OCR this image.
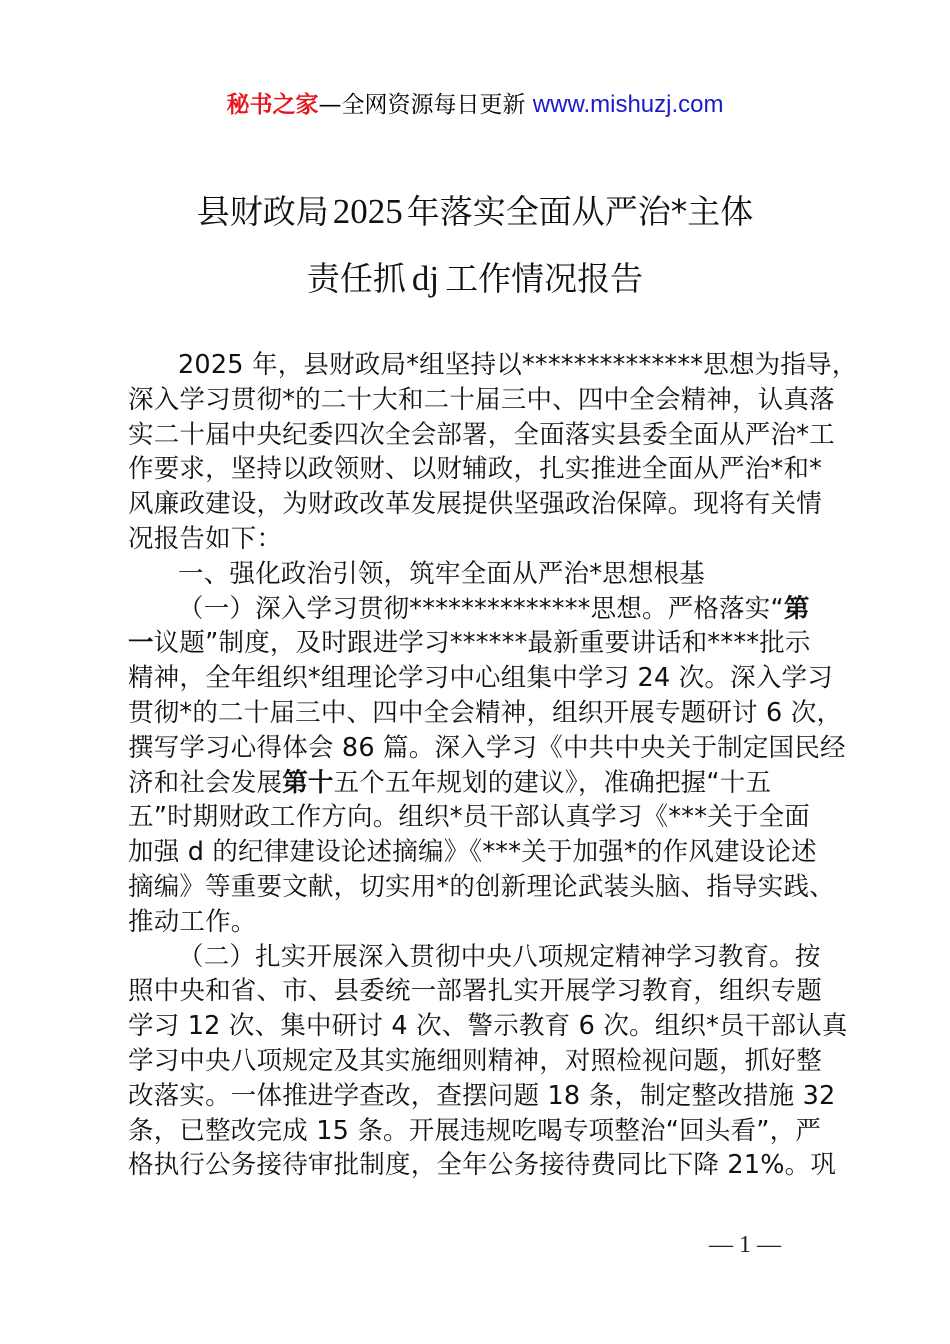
秘书之家—全网资源每日更新 www.mishuzj.com
县财政局 2025 年落实全面从严治*主体
责任抓 dj 工作情况报告
2025 年，县财政局*组坚持以**************思想为指导，
深入学习贯彻*的二十大和二十届三中、四中全会精神，认真落
实二十届中央纪委四次全会部署，全面落实县委全面从严治*工
作要求，坚持以政领财、以财辅政，扎实推进全面从严治*和*
风廉政建设，为财政改革发展提供坚强政治保障。现将有关情
况报告如下：
一、强化政治引领，筑牢全面从严治*思想根基
（一）深入学习贯彻**************思想。严格落实“第
一议题”制度，及时跟进学习******最新重要讲话和****批示
精神，全年组织*组理论学习中心组集中学习 24 次。深入学习
贯彻*的二十届三中、四中全会精神，组织开展专题研讨 6 次，
撰写学习心得体会 86 篇。深入学习《中共中央关于制定国民经
济和社会发展第十五个五年规划的建议》，准确把握“十五
五”时期财政工作方向。组织*员干部认真学习《***关于全面
加强 d 的纪律建设论述摘编》《***关于加强*的作风建设论述
摘编》等重要文献，切实用*的创新理论武装头脑、指导实践、
推动工作。
（二）扎实开展深入贯彻中央八项规定精神学习教育。按
照中央和省、市、县委统一部署扎实开展学习教育，组织专题
学习 12 次、集中研讨 4 次、警示教育 6 次。组织*员干部认真
学习中央八项规定及其实施细则精神，对照检视问题，抓好整
改落实。一体推进学查改，查摆问题 18 条，制定整改措施 32
条，已整改完成 15 条。开展违规吃喝专项整治“回头看”，严
格执行公务接待审批制度，全年公务接待费同比下降 21%。巩
— 1 —
